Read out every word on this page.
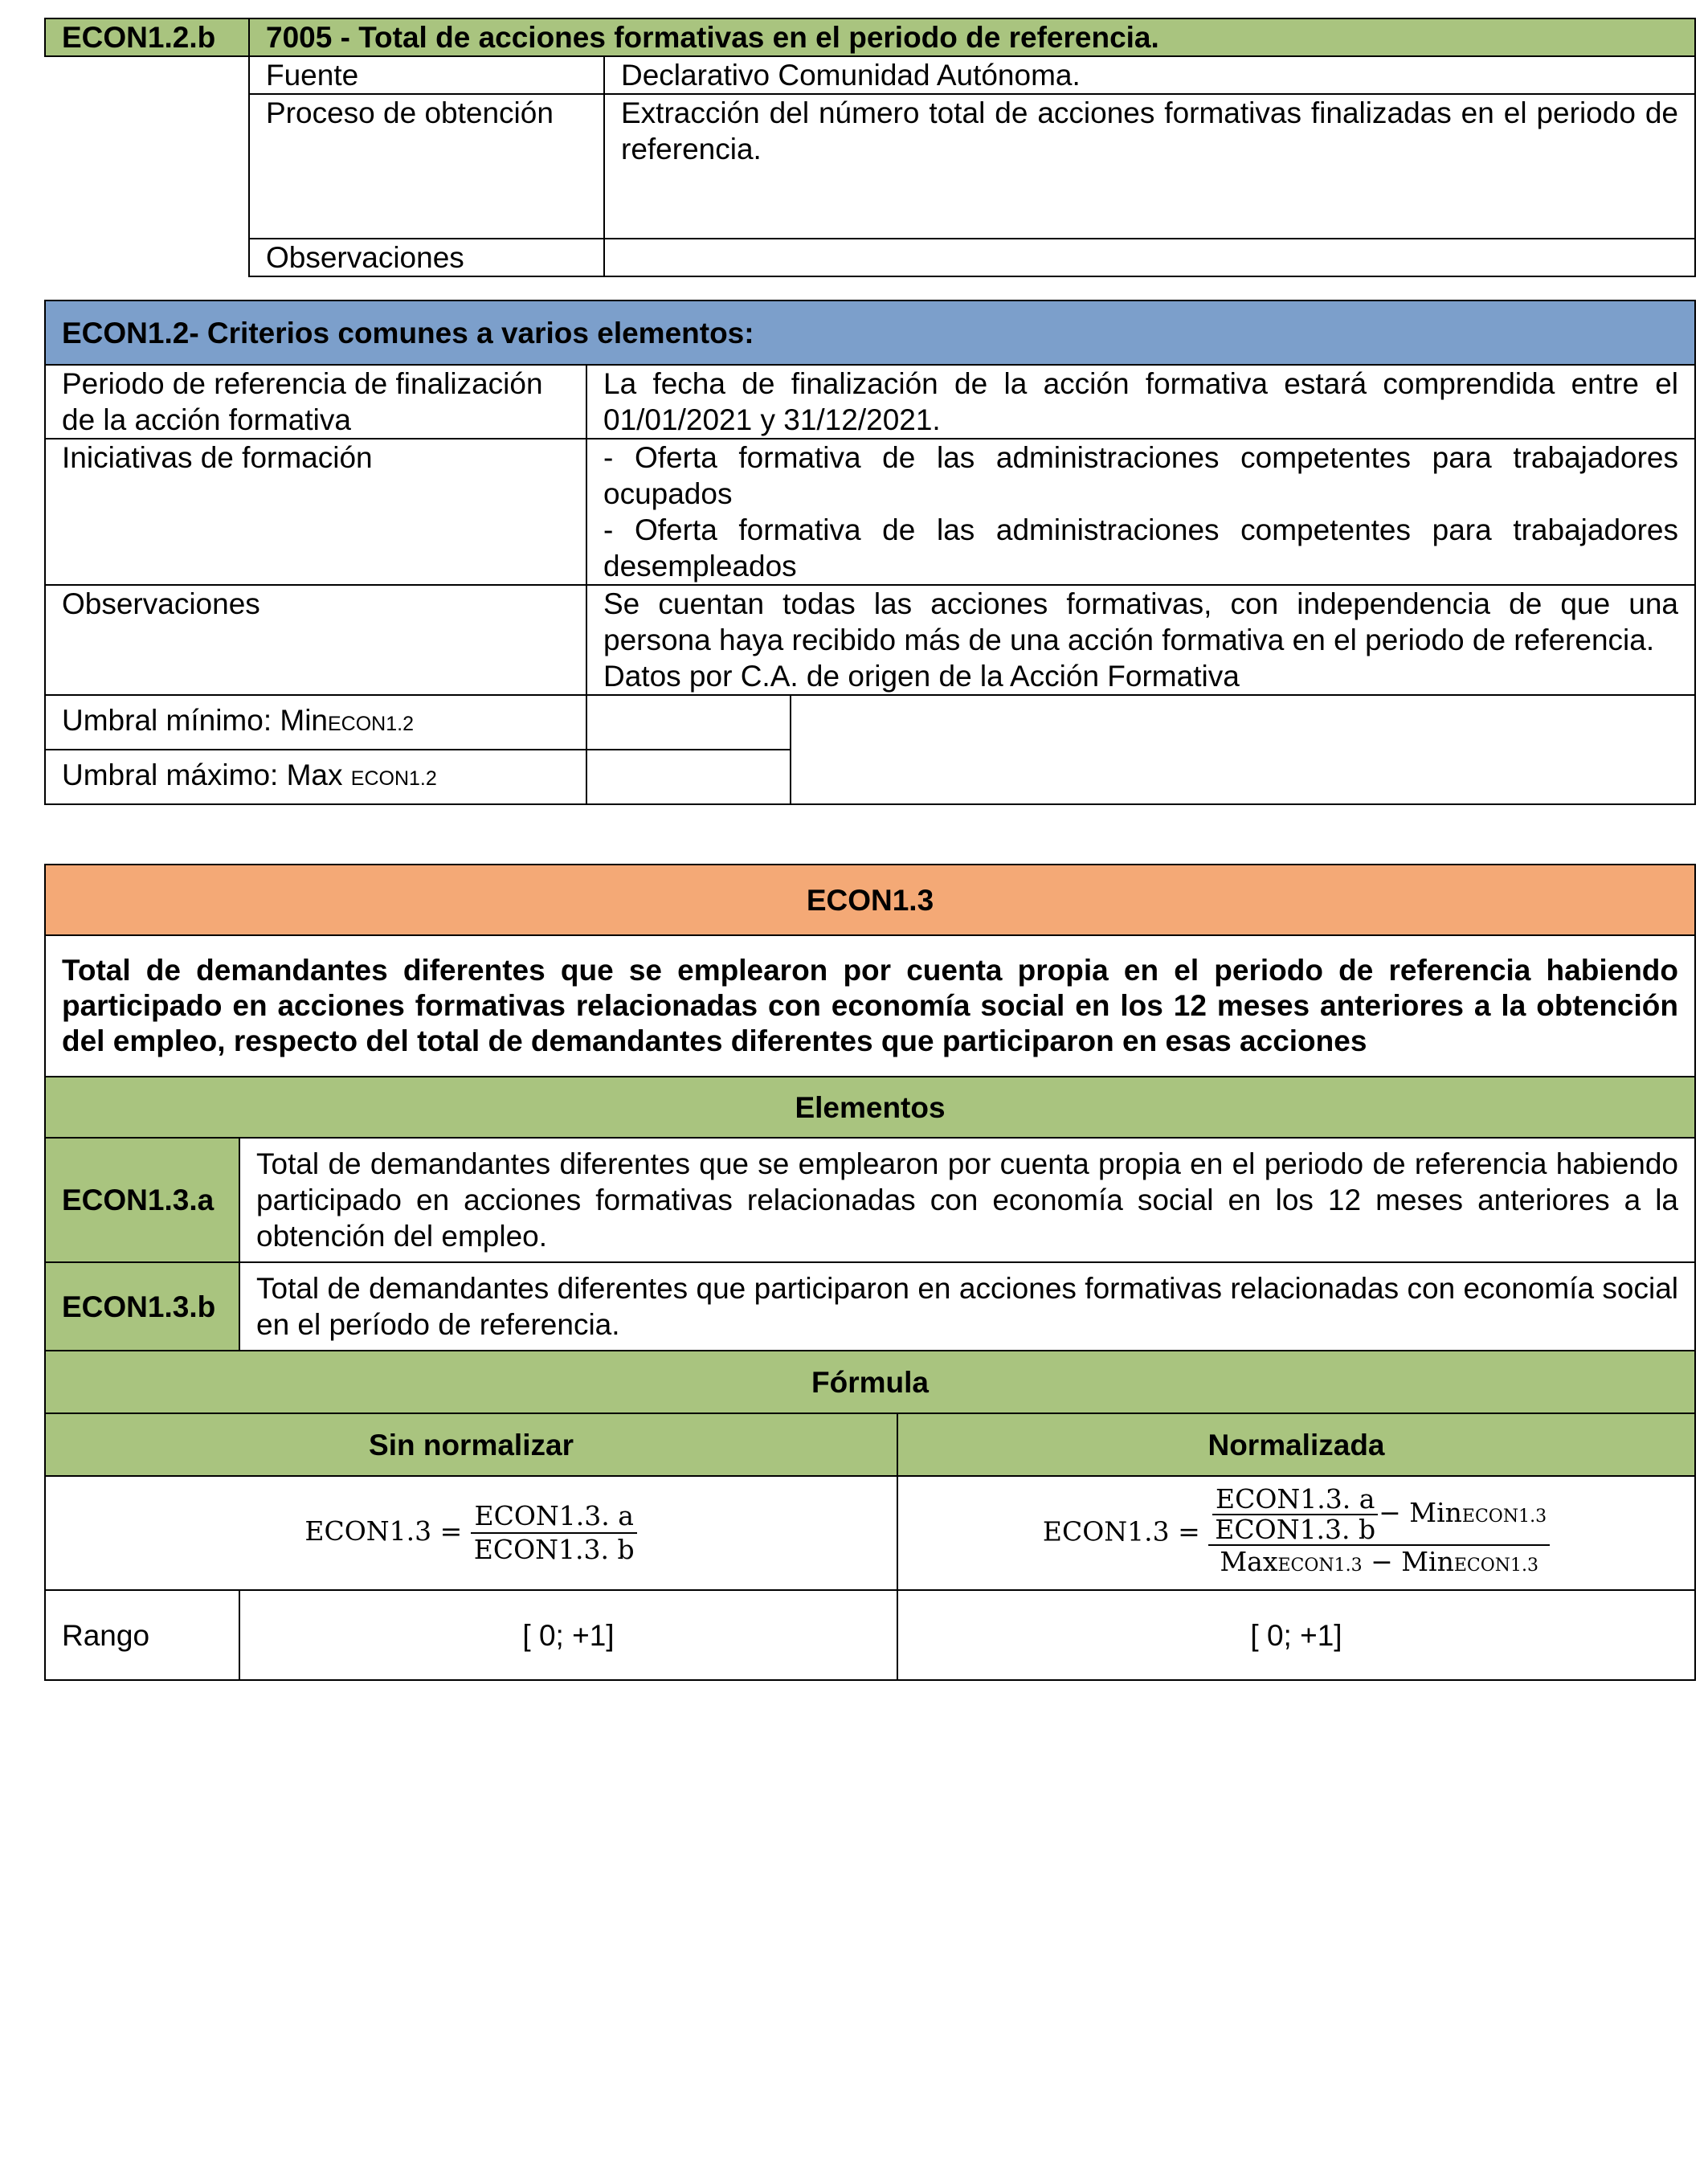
ECON1.2.b	7005 - Total de acciones formativas en el periodo de referencia.	
	Fuente	Declarativo Comunidad Autónoma.
	Proceso de obtención	Extracción del número total de acciones formativas finalizadas en el periodo de referencia.
	Observaciones	
ECON1.2- Criterios comunes a varios elementos:		
Periodo de referencia de finalización de la acción formativa	La fecha de finalización de la acción formativa estará comprendida entre el 01/01/2021 y 31/12/2021.	
Iniciativas de formación	- Oferta formativa de las administraciones competentes para trabajadores ocupados
- Oferta formativa de las administraciones competentes para trabajadores desempleados	

Observaciones	Se cuentan todas las acciones formativas, con independencia de que una persona haya recibido más de una acción formativa en el periodo de referencia.
Datos por C.A. de origen de la Acción Formativa	

Umbral mínimo: MinECON1.2		
Umbral máximo: Max ECON1.2		
ECON1.3		
Total de demandantes diferentes que se emplearon por cuenta propia en el periodo de referencia habiendo participado en acciones formativas relacionadas con economía social en los 12 meses anteriores a la obtención del empleo, respecto del total de demandantes diferentes que participaron en esas acciones		
Elementos		
ECON1.3.a	Total de demandantes diferentes que se emplearon por cuenta propia en el periodo de referencia habiendo participado en acciones formativas relacionadas con economía social en los 12 meses anteriores a la obtención del empleo.	
ECON1.3.b	Total de demandantes diferentes que participaron en acciones formativas relacionadas con economía social en el período de referencia.	
Fórmula		
Sin normalizar		Normalizada
ECON1.3 = $\frac{\text{ECON1.3. a}}{\text{ECON1.3. b}}$		ECON1.3 = $\frac{\frac{\text{ECON1.3. a}}{\text{ECON1.3. b}} - MinECON1.3}{\text{MaxECON1.3 − MinECON1.3}}$

Rango	[ 0; +1]	[ 0; +1]
